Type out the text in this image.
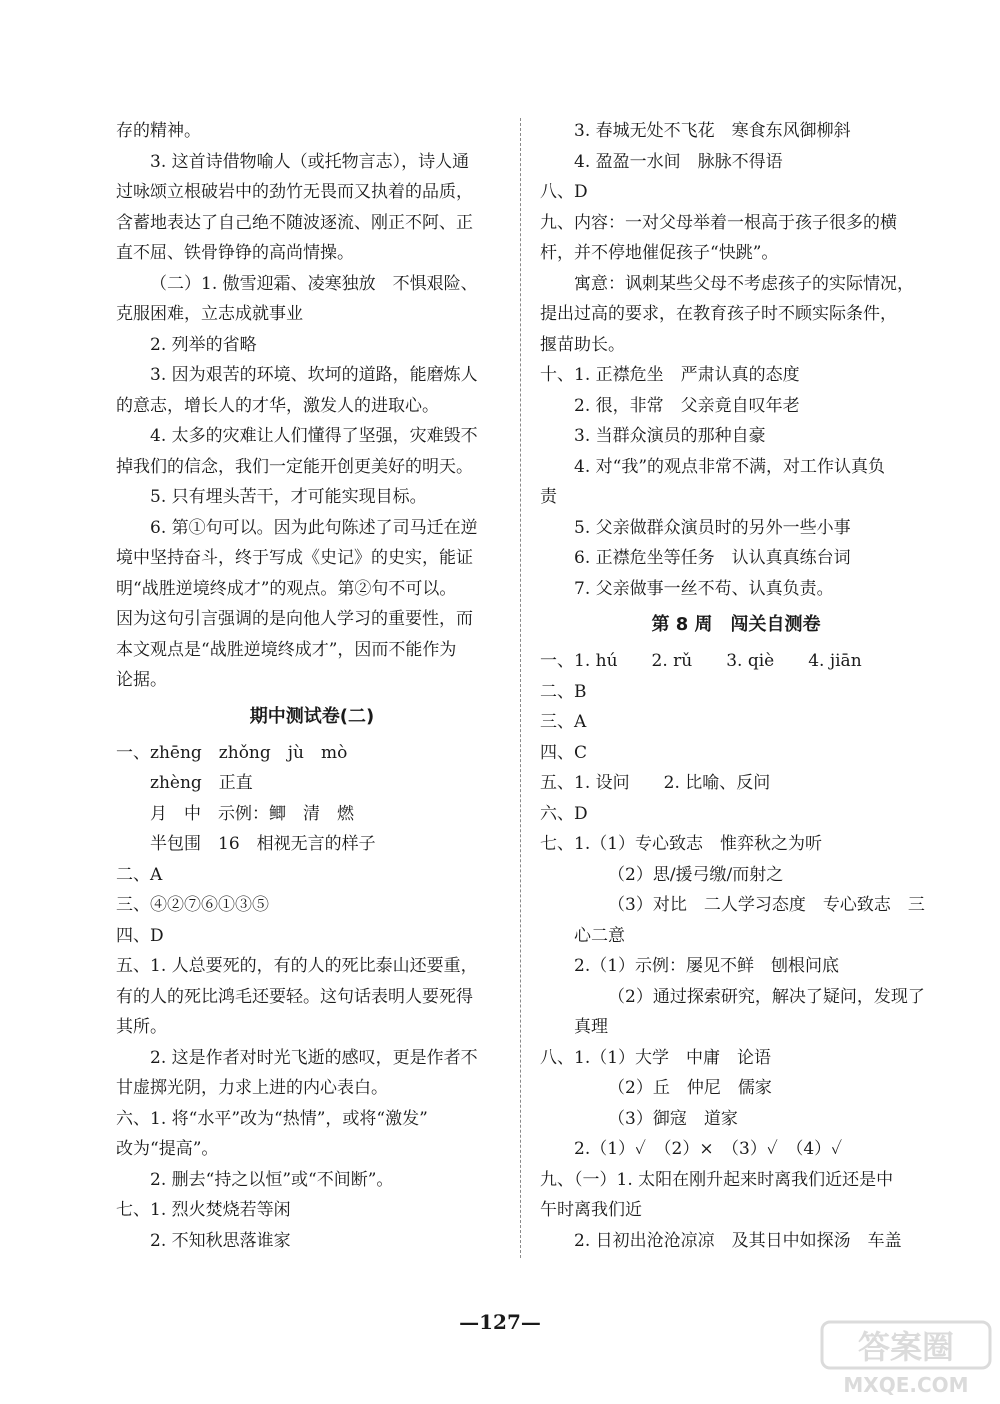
存的精神。
3. 这首诗借物喻人（或托物言志），诗人通
过咏颂立根破岩中的劲竹无畏而又执着的品质，
含蓄地表达了自己绝不随波逐流、刚正不阿、正
直不屈、铁骨铮铮的高尚情操。
（二）1. 傲雪迎霜、凌寒独放　不惧艰险、
克服困难，立志成就事业
2. 列举的省略
3. 因为艰苦的环境、坎坷的道路，能磨炼人
的意志，增长人的才华，激发人的进取心。
4. 太多的灾难让人们懂得了坚强，灾难毁不
掉我们的信念，我们一定能开创更美好的明天。
5. 只有埋头苦干，才可能实现目标。
6. 第①句可以。因为此句陈述了司马迁在逆
境中坚持奋斗，终于写成《史记》的史实，能证
明“战胜逆境终成才”的观点。第②句不可以。
因为这句引言强调的是向他人学习的重要性，而
本文观点是“战胜逆境终成才”，因而不能作为
论据。
期中测试卷(二)
一、zhēng　zhǒng　jù　mò
zhèng　正直
月　中　示例：鲫　清　燃
半包围　16　相视无言的样子
二、A
三、④②⑦⑥①③⑤
四、D
五、1. 人总要死的，有的人的死比泰山还要重，
有的人的死比鸿毛还要轻。这句话表明人要死得
其所。
2. 这是作者对时光飞逝的感叹，更是作者不
甘虚掷光阴，力求上进的内心表白。
六、1. 将“水平”改为“热情”，或将“激发”
改为“提高”。
2. 删去“持之以恒”或“不间断”。
七、1. 烈火焚烧若等闲
2. 不知秋思落谁家
3. 春城无处不飞花　寒食东风御柳斜
4. 盈盈一水间　脉脉不得语
八、D
九、内容：一对父母举着一根高于孩子很多的横
杆，并不停地催促孩子“快跳”。
寓意：讽刺某些父母不考虑孩子的实际情况，
提出过高的要求，在教育孩子时不顾实际条件，
揠苗助长。
十、1. 正襟危坐　严肃认真的态度
2. 很，非常　父亲竟自叹年老
3. 当群众演员的那种自豪
4. 对“我”的观点非常不满，对工作认真负
责
5. 父亲做群众演员时的另外一些小事
6. 正襟危坐等任务　认认真真练台词
7. 父亲做事一丝不苟、认真负责。
第 8 周　闯关自测卷
一、1. hú　　2. rǔ　　3. qiè　　4. jiān
二、B
三、A
四、C
五、1. 设问　　2. 比喻、反问
六、D
七、1.（1）专心致志　惟弈秋之为听
（2）思/援弓缴/而射之
（3）对比　二人学习态度　专心致志　三
心二意
2.（1）示例：屡见不鲜　刨根问底
（2）通过探索研究，解决了疑问，发现了
真理
八、1.（1）大学　中庸　论语
（2）丘　仲尼　儒家
（3）御寇　道家
2.（1）✓　（2）×　（3）✓　（4）✓
九、（一）1. 太阳在刚升起来时离我们近还是中
午时离我们近
2. 日初出沧沧凉凉　及其日中如探汤　车盖
—127—
答案圈
MXQE.COM
